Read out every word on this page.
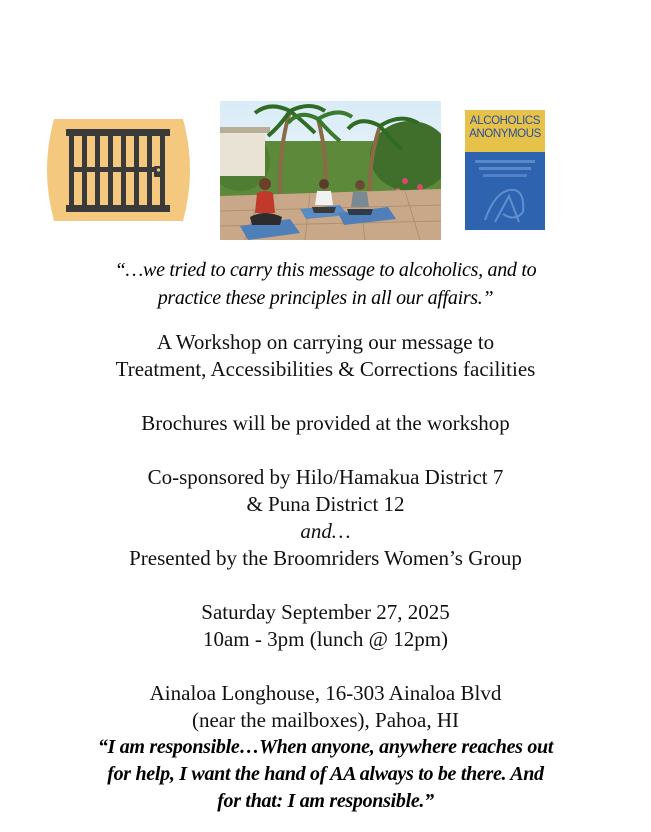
ALCOHOLICS
ANONYMOUS
“…we tried to carry this message to alcoholics, and to
practice these principles in all our affairs.”
A Workshop on carrying our message to
Treatment, Accessibilities & Corrections facilities
Brochures will be provided at the workshop
Co-sponsored by Hilo/Hamakua District 7
& Puna District 12
and…
Presented by the Broomriders Women’s Group
Saturday September 27, 2025
10am - 3pm (lunch @ 12pm)
Ainaloa Longhouse, 16-303 Ainaloa Blvd
(near the mailboxes), Pahoa, HI
“I am responsible…When anyone, anywhere reaches out
for help, I want the hand of AA always to be there. And
for that: I am responsible.”
